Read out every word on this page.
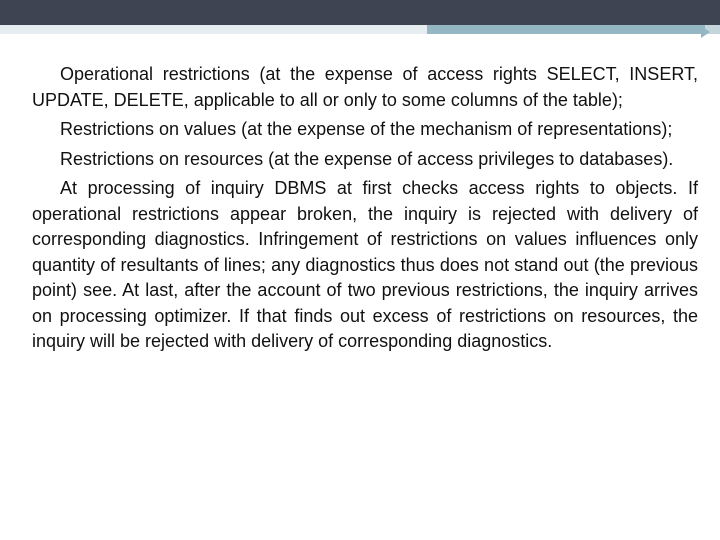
Operational restrictions (at the expense of access rights SELECT, INSERT, UPDATE, DELETE, applicable to all or only to some columns of the table);

Restrictions on values (at the expense of the mechanism of representations);

Restrictions on resources (at the expense of access privileges to databases).

At processing of inquiry DBMS at first checks access rights to objects. If operational restrictions appear broken, the inquiry is rejected with delivery of corresponding diagnostics. Infringement of restrictions on values influences only quantity of resultants of lines; any diagnostics thus does not stand out (the previous point) see. At last, after the account of two previous restrictions, the inquiry arrives on processing optimizer. If that finds out excess of restrictions on resources, the inquiry will be rejected with delivery of corresponding diagnostics.
